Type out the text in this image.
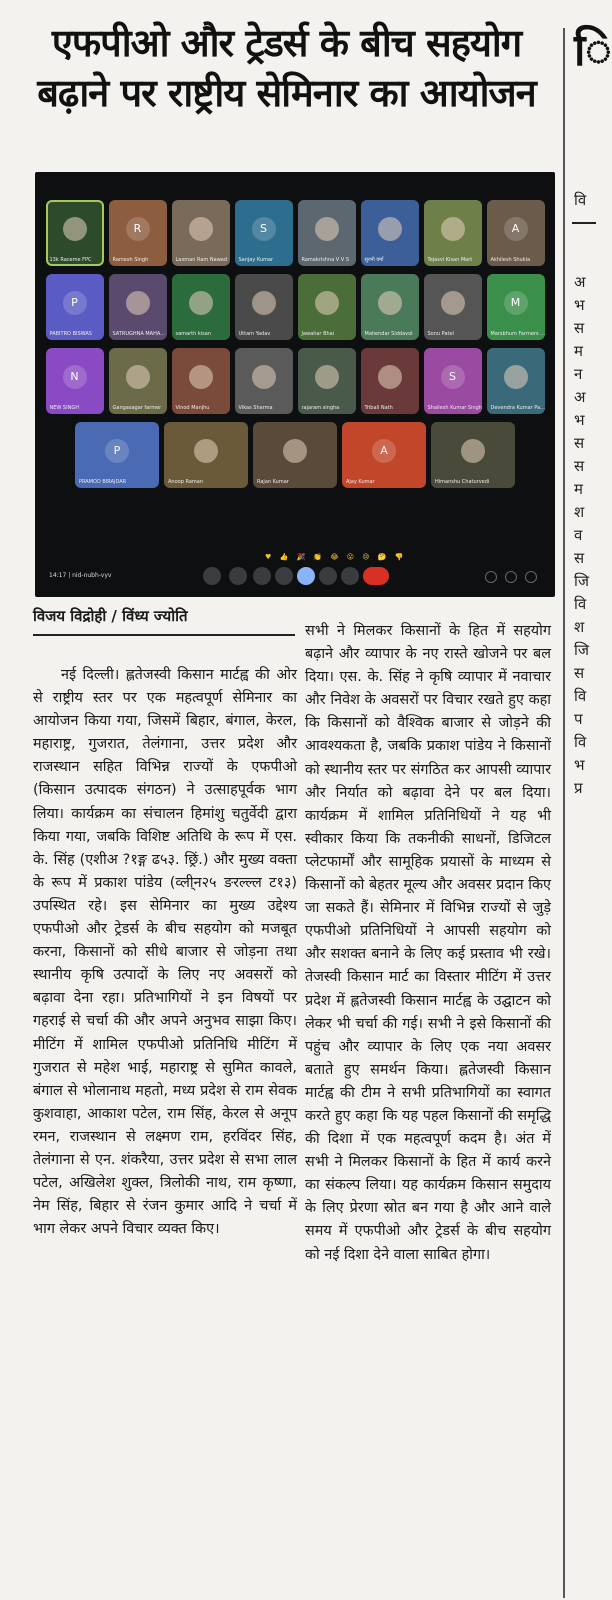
एफपीओ और ट्रेडर्स के बीच सहयोग
बढ़ाने पर राष्ट्रीय सेमिनार का आयोजन
ि
वि
अ
भ
स
म
न
अ
भ
स
स
म
श
व
स
जि
वि
श
जि
स
वि
प
वि
भ
प्र
♥ 👍 🎉 👏 😂 😮 😢 🤔 👎
14:17 | nid-nubh-vyv
13k Raceme FPC
R
Ramesh Singh	Laxman Ram Nawad
S
Sanjay Kumar	Ramakrishna V V S	सुरभी वर्मा	Tejasvi Kisan Mart
A
Akhilesh Shukla
P
PABITRO BISWAS	SATRUGHNA MAHA... samarth kisan	Uttam Yadav	Jawahar Bhai	Mahendar Siddavol	Sonu Patel
M
Marsbhum Farmers ...
N
NEW SINGH	Gangasagar farmer	Vinod Manjhu	Vikas Sharma	rajaram singha	Tribali Nath
S
Shailesh Kumar Singh Devendra Kumar Pa...
P
PRAMOD BIRAJDAR	Anoop Raman	Rajan Kumar
A
Ajay Kumar	Himanshu Chaturvedi
विजय विद्रोही / विंध्य ज्योति
नई दिल्ली। ह्लतेजस्वी किसान मार्टह्व की ओर से राष्ट्रीय स्तर पर एक महत्वपूर्ण सेमिनार का आयोजन किया गया, जिसमें बिहार, बंगाल, केरल, महाराष्ट्र, गुजरात, तेलंगाना, उत्तर प्रदेश और राजस्थान सहित विभिन्न राज्यों के एफपीओ (किसान उत्पादक संगठन) ने उत्साहपूर्वक भाग लिया। कार्यक्रम का संचालन हिमांशु चतुर्वेदी द्वारा किया गया, जबकि विशिष्ट अतिथि के रूप में एस. के. सिंह (एशीअ ?१ङ्ग ढ५३. छ्रिं.) और मुख्य वक्ता के रूप में प्रकाश पांडेय (व्ली्न२५ ङरल्ल्ल ट१३) उपस्थित रहे। इस सेमिनार का मुख्य उद्देश्य एफपीओ और ट्रेडर्स के बीच सहयोग को मजबूत करना, किसानों को सीधे बाजार से जोड़ना तथा स्थानीय कृषि उत्पादों के लिए नए अवसरों को बढ़ावा देना रहा। प्रतिभागियों ने इन विषयों पर गहराई से चर्चा की और अपने अनुभव साझा किए। मीटिंग में शामिल एफपीओ प्रतिनिधि मीटिंग में गुजरात से महेश भाई, महाराष्ट्र से सुमित कावले, बंगाल से भोलानाथ महतो, मध्य प्रदेश से राम सेवक कुशवाहा, आकाश पटेल, राम सिंह, केरल से अनूप रमन, राजस्थान से लक्ष्मण राम, हरविंदर सिंह, तेलंगाना से एन. शंकरैया, उत्तर प्रदेश से सभा लाल पटेल, अखिलेश शुक्ल, त्रिलोकी नाथ, राम कृष्णा, नेम सिंह, बिहार से रंजन कुमार आदि ने चर्चा में भाग लेकर अपने विचार व्यक्त किए।
सभी ने मिलकर किसानों के हित में सहयोग बढ़ाने और व्यापार के नए रास्ते खोजने पर बल दिया। एस. के. सिंह ने कृषि व्यापार में नवाचार और निवेश के अवसरों पर विचार रखते हुए कहा कि किसानों को वैश्विक बाजार से जोड़ने की आवश्यकता है, जबकि प्रकाश पांडेय ने किसानों को स्थानीय स्तर पर संगठित कर आपसी व्यापार और निर्यात को बढ़ावा देने पर बल दिया। कार्यक्रम में शामिल प्रतिनिधियों ने यह भी स्वीकार किया कि तकनीकी साधनों, डिजिटल प्लेटफार्मों और सामूहिक प्रयासों के माध्यम से किसानों को बेहतर मूल्य और अवसर प्रदान किए जा सकते हैं। सेमिनार में विभिन्न राज्यों से जुड़े एफपीओ प्रतिनिधियों ने आपसी सहयोग को और सशक्त बनाने के लिए कई प्रस्ताव भी रखे। तेजस्वी किसान मार्ट का विस्तार मीटिंग में उत्तर प्रदेश में ह्लतेजस्वी किसान मार्टह्व के उद्घाटन को लेकर भी चर्चा की गई। सभी ने इसे किसानों की पहुंच और व्यापार के लिए एक नया अवसर बताते हुए समर्थन किया। ह्लतेजस्वी किसान मार्टह्व की टीम ने सभी प्रतिभागियों का स्वागत करते हुए कहा कि यह पहल किसानों की समृद्धि की दिशा में एक महत्वपूर्ण कदम है। अंत में सभी ने मिलकर किसानों के हित में कार्य करने का संकल्प लिया। यह कार्यक्रम किसान समुदाय के लिए प्रेरणा स्रोत बन गया है और आने वाले समय में एफपीओ और ट्रेडर्स के बीच सहयोग को नई दिशा देने वाला साबित होगा।
